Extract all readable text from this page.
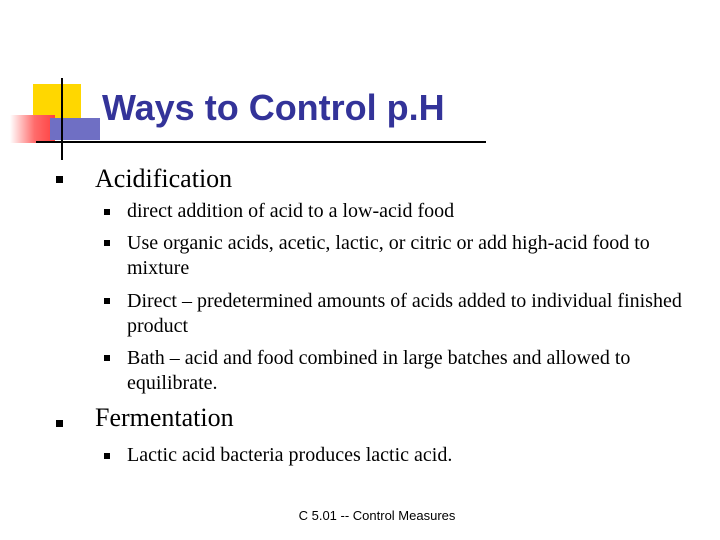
Ways to Control p.H
Acidification
direct addition of acid to a low-acid food
Use organic acids, acetic, lactic, or citric or add high-acid food to mixture
Direct – predetermined amounts of acids added to individual finished product
Bath – acid and food combined in large batches and allowed to equilibrate.
Fermentation
Lactic acid bacteria produces lactic acid.
C 5.01 -- Control Measures
